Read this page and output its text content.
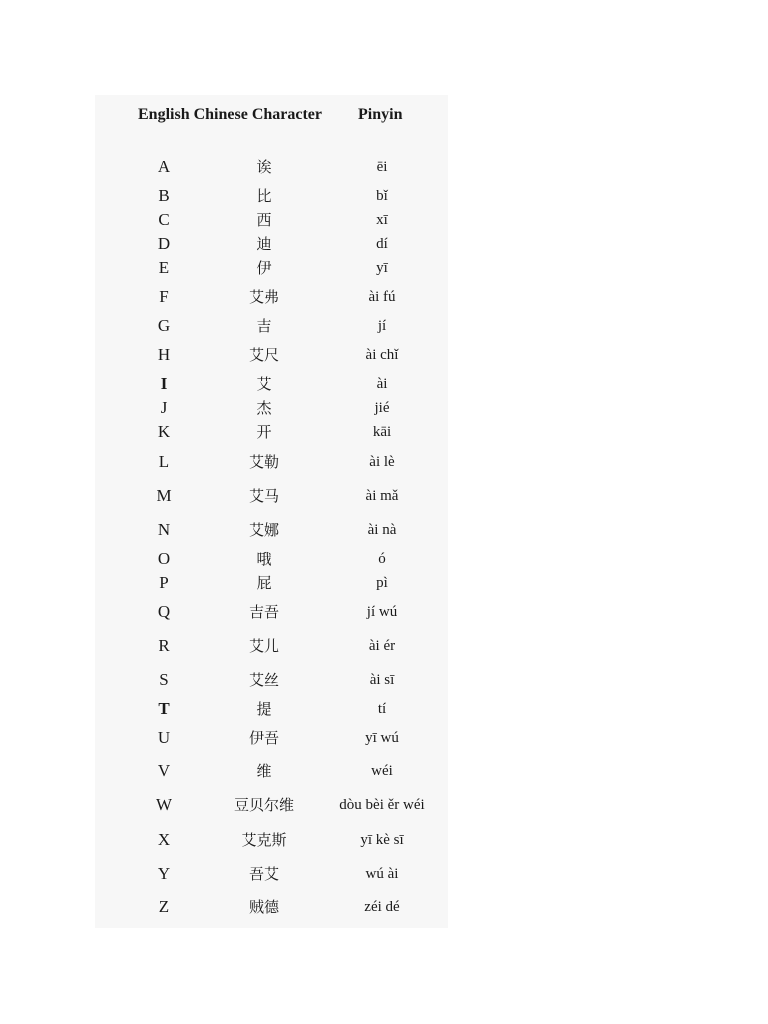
English Chinese Character Pinyin
A	诶	ēi
B	比	bǐ
C	西	xī
D	迪	dí
E	伊	yī
F	艾弗	ài fú
G	吉	jí
H	艾尺	ài chǐ
I	艾	ài
J	杰	jié
K	开	kāi
L	艾勒	ài lè
M	艾马	ài mǎ
N	艾娜	ài nà
O	哦	ó
P	屁	pì
Q	吉吾	jí wú
R	艾儿	ài ér
S	艾丝	ài sī
T	提	tí
U	伊吾	yī wú
V	维	wéi
W	豆贝尔维	dòu bèi ěr wéi
X	艾克斯	yī kè sī
Y	吾艾	wú ài
Z	贼德	zéi dé
